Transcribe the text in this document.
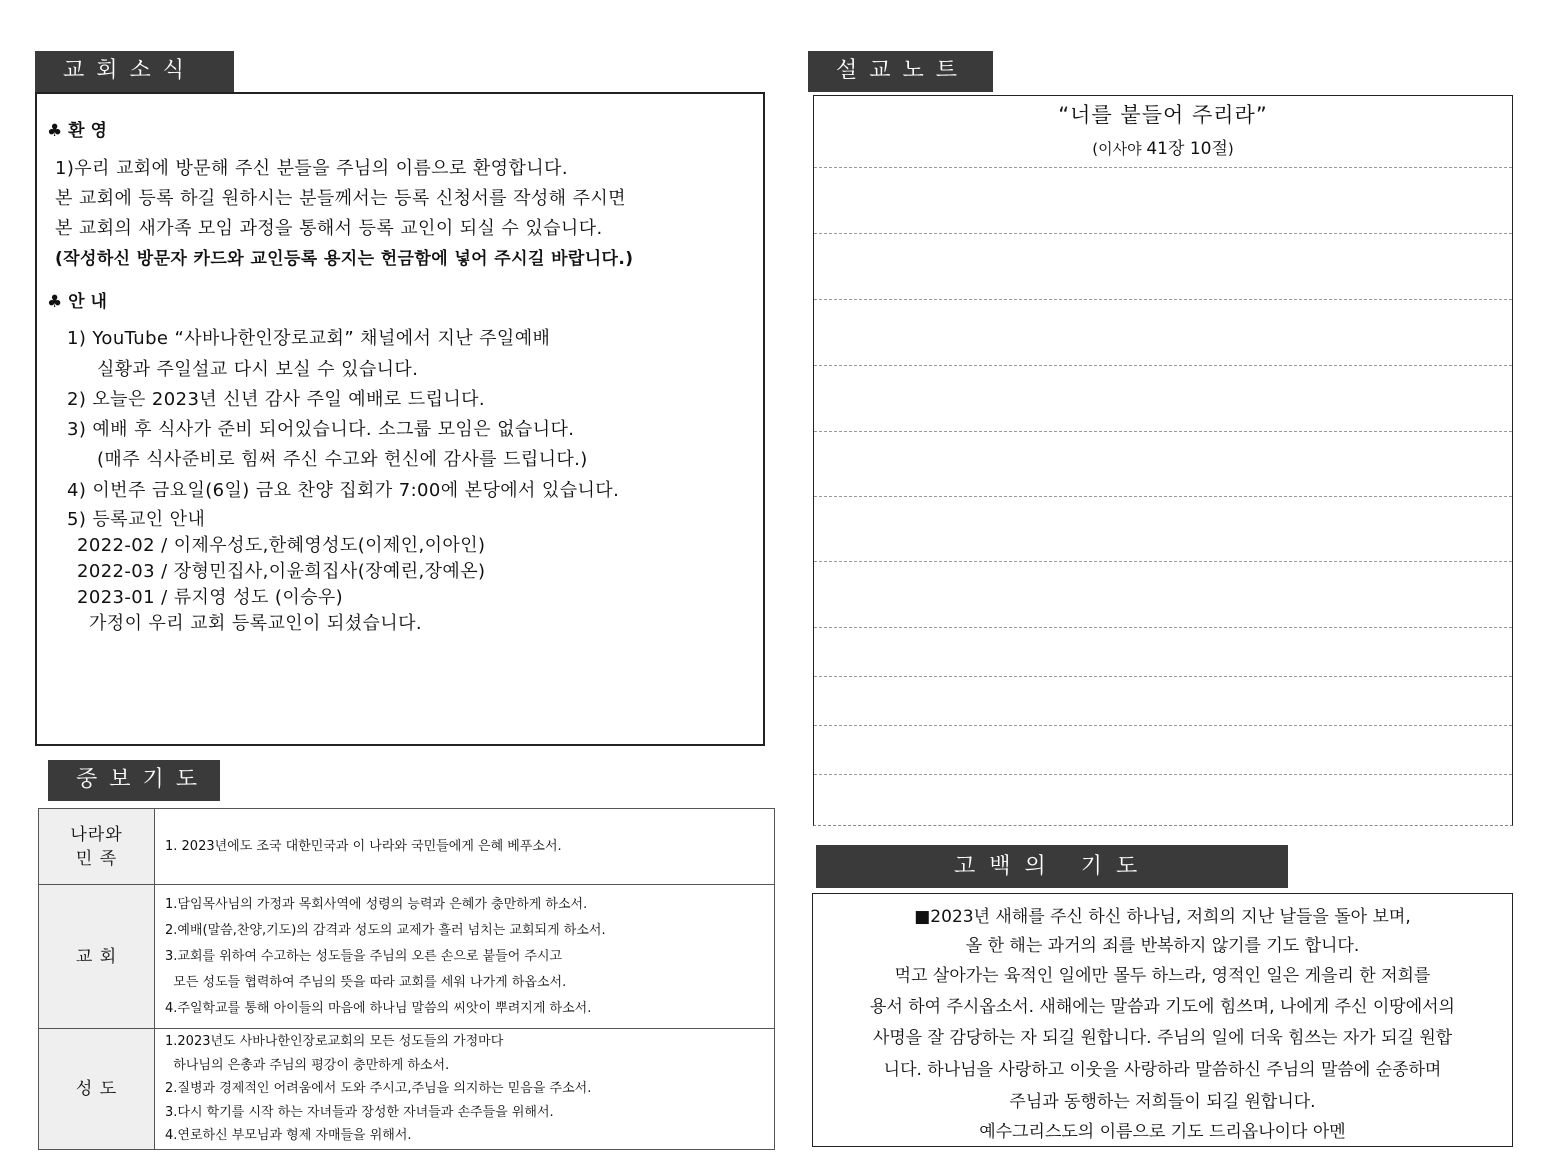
교회소식
♣ 환 영
1)우리 교회에 방문해 주신 분들을 주님의 이름으로 환영합니다.
본 교회에 등록 하길 원하시는 분들께서는 등록 신청서를 작성해 주시면
본 교회의 새가족 모임 과정을 통해서 등록 교인이 되실 수 있습니다.
(작성하신 방문자 카드와 교인등록 용지는 헌금함에 넣어 주시길 바랍니다.)
♣ 안 내
1) YouTube “사바나한인장로교회” 채널에서 지난 주일예배
실황과 주일설교 다시 보실 수 있습니다.
2) 오늘은 2023년 신년 감사 주일 예배로 드립니다.
3) 예배 후 식사가 준비 되어있습니다. 소그룹 모임은 없습니다.
(매주 식사준비로 힘써 주신 수고와 헌신에 감사를 드립니다.)
4) 이번주 금요일(6일) 금요 찬양 집회가 7:00에 본당에서 있습니다.
5) 등록교인 안내
2022-02 / 이제우성도,한혜영성도(이제인,이아인)
2022-03 / 장형민집사,이윤희집사(장예린,장예온)
2023-01 / 류지영 성도 (이승우)
가정이 우리 교회 등록교인이 되셨습니다.
중보기도
나라와
민 족	1. 2023년에도 조국 대한민국과 이 나라와 국민들에게 은혜 베푸소서.

교 회	1.담임목사님의 가정과 목회사역에 성령의 능력과 은혜가 충만하게 하소서.
2.예배(말씀,찬양,기도)의 감격과 성도의 교제가 흘러 넘치는 교회되게 하소서.
3.교회를 위하여 수고하는 성도들을 주님의 오른 손으로 붙들어 주시고
모든 성도들 협력하여 주님의 뜻을 따라 교회를 세워 나가게 하옵소서.
4.주일학교를 통해 아이들의 마음에 하나님 말씀의 씨앗이 뿌려지게 하소서.

성 도	1.2023년도 사바나한인장로교회의 모든 성도들의 가정마다
하나님의 은총과 주님의 평강이 충만하게 하소서.
2.질병과 경제적인 어려움에서 도와 주시고,주님을 의지하는 믿음을 주소서.
3.다시 학기를 시작 하는 자녀들과 장성한 자녀들과 손주들을 위해서.
4.연로하신 부모님과 형제 자매들을 위해서.
설교노트
“너를 붙들어 주리라”
(이사야 41장 10절)
고백의 기도
■2023년 새해를 주신 하신 하나님, 저희의 지난 날들을 돌아 보며,
올 한 해는 과거의 죄를 반복하지 않기를 기도 합니다.
먹고 살아가는 육적인 일에만 몰두 하느라, 영적인 일은 게을리 한 저희를
용서 하여 주시옵소서. 새해에는 말씀과 기도에 힘쓰며, 나에게 주신 이땅에서의
사명을 잘 감당하는 자 되길 원합니다. 주님의 일에 더욱 힘쓰는 자가 되길 원합
니다. 하나님을 사랑하고 이웃을 사랑하라 말씀하신 주님의 말씀에 순종하며
주님과 동행하는 저희들이 되길 원합니다.
예수그리스도의 이름으로 기도 드리옵나이다 아멘
